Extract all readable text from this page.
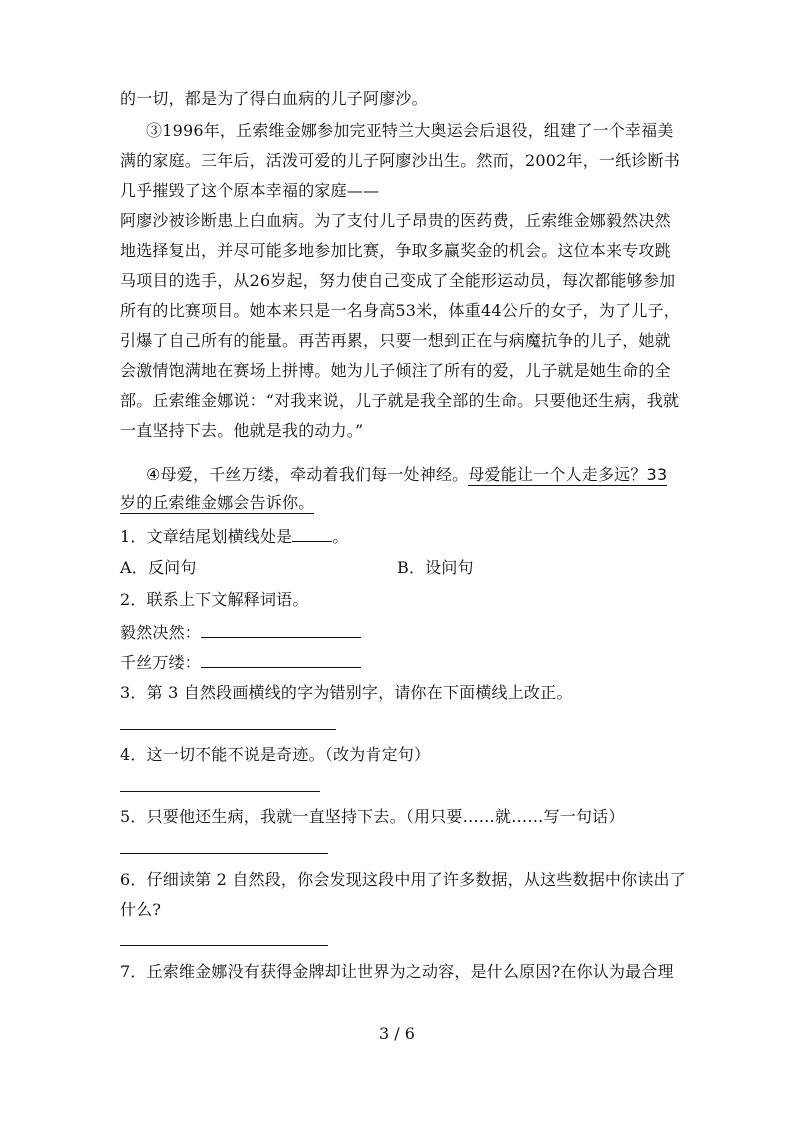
的一切，都是为了得白血病的儿子阿廖沙。
③1996年，丘索维金娜参加完亚特兰大奥运会后退役，组建了一个幸福美
满的家庭。三年后，活泼可爱的儿子阿廖沙出生。然而，2002年，一纸诊断书
几乎摧毁了这个原本幸福的家庭——
阿廖沙被诊断患上白血病。为了支付儿子昂贵的医药费，丘索维金娜毅然决然
地选择复出，并尽可能多地参加比赛，争取多赢奖金的机会。这位本来专攻跳
马项目的选手，从26岁起，努力使自己变成了全能形运动员，每次都能够参加
所有的比赛项目。她本来只是一名身高53米，体重44公斤的女子，为了儿子，
引爆了自己所有的能量。再苦再累，只要一想到正在与病魔抗争的儿子，她就
会激情饱满地在赛场上拼博。她为儿子倾注了所有的爱，儿子就是她生命的全
部。丘索维金娜说：“对我来说，儿子就是我全部的生命。只要他还生病，我就
一直坚持下去。他就是我的动力。”
④母爱，千丝万缕，牵动着我们每一处神经。母爱能让一个人走多远？33
岁的丘索维金娜会告诉你。
1．文章结尾划横线处是	。
A．反问句	B．设问句
2．联系上下文解释词语。
毅然决然：
千丝万缕：
3．第 3 自然段画横线的字为错别字，请你在下面横线上改正。
4．这一切不能不说是奇迹。（改为肯定句）
5．只要他还生病，我就一直坚持下去。（用只要……就……写一句话）
6．仔细读第 2 自然段，你会发现这段中用了许多数据，从这些数据中你读出了
什么?
7．丘索维金娜没有获得金牌却让世界为之动容，是什么原因?在你认为最合理
3 / 6
